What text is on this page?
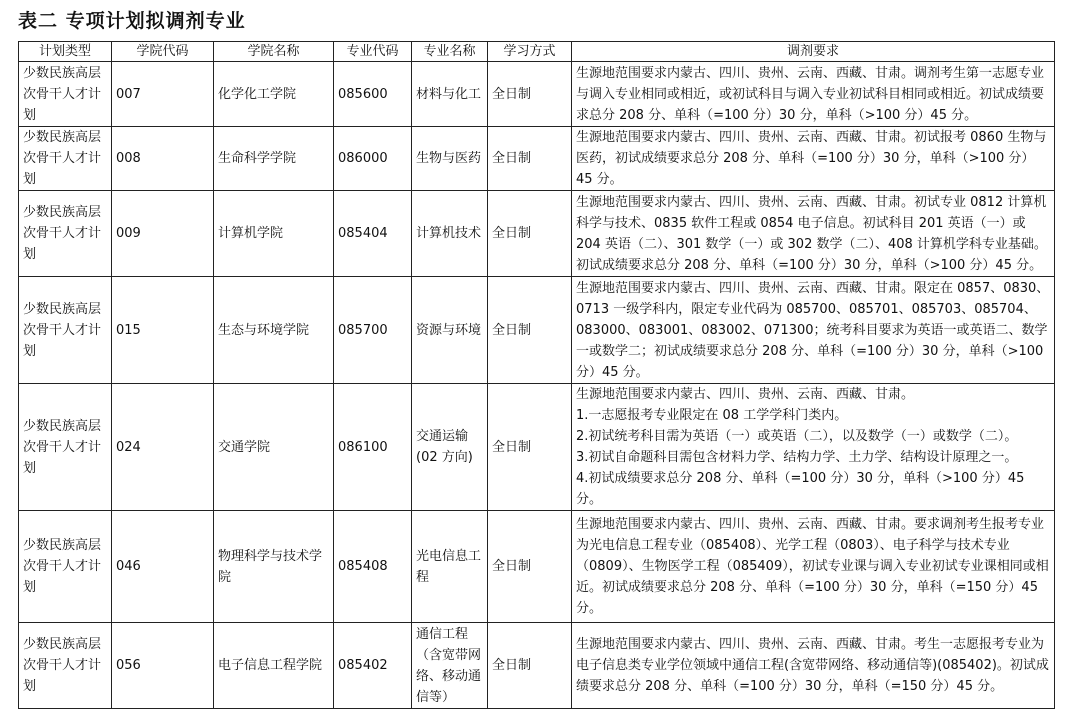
表二 专项计划拟调剂专业
计划类型	学院代码	学院名称	专业代码	专业名称	学习方式	调剂要求
少数民族高层次骨干人才计划	007	化学化工学院	085600	材料与化工	全日制	生源地范围要求内蒙古、四川、贵州、云南、西藏、甘肃。调剂考生第一志愿专业与调入专业相同或相近，或初试科目与调入专业初试科目相同或相近。初试成绩要求总分 208 分、单科（=100 分）30 分，单科（>100 分）45 分。
少数民族高层次骨干人才计划	008	生命科学学院	086000	生物与医药	全日制	生源地范围要求内蒙古、四川、贵州、云南、西藏、甘肃。初试报考 0860 生物与医药，初试成绩要求总分 208 分、单科（=100 分）30 分，单科（>100 分）45 分。
少数民族高层次骨干人才计划	009	计算机学院	085404	计算机技术	全日制	生源地范围要求内蒙古、四川、贵州、云南、西藏、甘肃。初试专业 0812 计算机科学与技术、0835 软件工程或 0854 电子信息。初试科目 201 英语（一）或 204 英语（二）、301 数学（一）或 302 数学（二）、408 计算机学科专业基础。初试成绩要求总分 208 分、单科（=100 分）30 分，单科（>100 分）45 分。
少数民族高层次骨干人才计划	015	生态与环境学院	085700	资源与环境	全日制	生源地范围要求内蒙古、四川、贵州、云南、西藏、甘肃。限定在 0857、0830、0713 一级学科内，限定专业代码为 085700、085701、085703、085704、083000、083001、083002、071300；统考科目要求为英语一或英语二、数学一或数学二；初试成绩要求总分 208 分、单科（=100 分）30 分，单科（>100 分）45 分。
少数民族高层次骨干人才计划	024	交通学院	086100	交通运输(02 方向)	全日制	生源地范围要求内蒙古、四川、贵州、云南、西藏、甘肃。
1.一志愿报考专业限定在 08 工学学科门类内。
2.初试统考科目需为英语（一）或英语（二），以及数学（一）或数学（二）。
3.初试自命题科目需包含材料力学、结构力学、土力学、结构设计原理之一。
4.初试成绩要求总分 208 分、单科（=100 分）30 分，单科（>100 分）45 分。

少数民族高层次骨干人才计划	046	物理科学与技术学院	085408	光电信息工程	全日制	生源地范围要求内蒙古、四川、贵州、云南、西藏、甘肃。要求调剂考生报考专业为光电信息工程专业（085408）、光学工程（0803）、电子科学与技术专业（0809）、生物医学工程（085409），初试专业课与调入专业初试专业课相同或相近。初试成绩要求总分 208 分、单科（=100 分）30 分，单科（=150 分）45 分。
少数民族高层次骨干人才计划	056	电子信息工程学院	085402	通信工程（含宽带网络、移动通信等）	全日制	生源地范围要求内蒙古、四川、贵州、云南、西藏、甘肃。考生一志愿报考专业为电子信息类专业学位领域中通信工程(含宽带网络、移动通信等)(085402)。初试成绩要求总分 208 分、单科（=100 分）30 分，单科（=150 分）45 分。
